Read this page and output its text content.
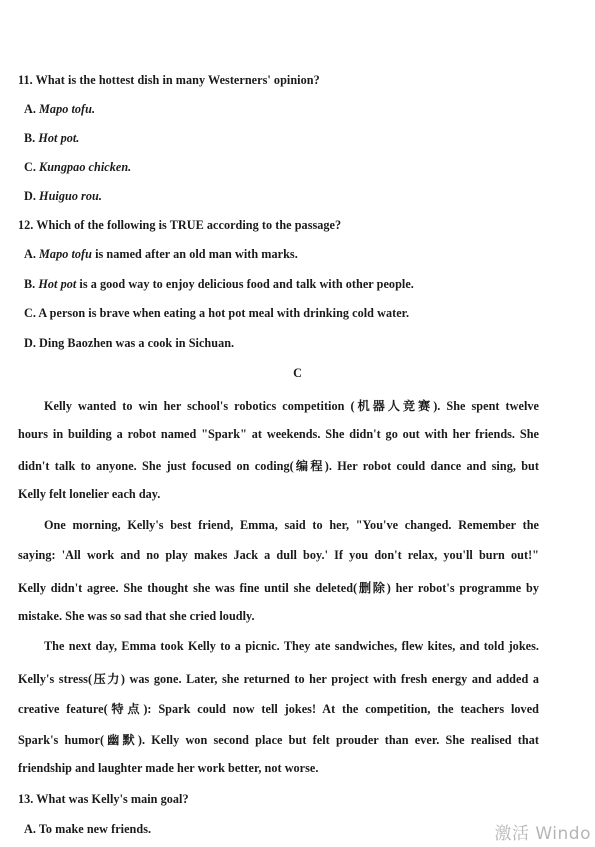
11. What is the hottest dish in many Westerners' opinion?
A. Mapo tofu.
B. Hot pot.
C. Kungpao chicken.
D. Huiguo rou.
12. Which of the following is TRUE according to the passage?
A. Mapo tofu is named after an old man with marks.
B. Hot pot is a good way to enjoy delicious food and talk with other people.
C. A person is brave when eating a hot pot meal with drinking cold water.
D. Ding Baozhen was a cook in Sichuan.
C
Kelly wanted to win her school's robotics competition (机器人竞赛). She spent twelve
hours in building a robot named "Spark" at weekends. She didn't go out with her friends. She
didn't talk to anyone. She just focused on coding(编程). Her robot could dance and sing, but
Kelly felt lonelier each day.
One morning, Kelly's best friend, Emma, said to her, "You've changed. Remember the
saying: 'All work and no play makes Jack a dull boy.' If you don't relax, you'll burn out!"
Kelly didn't agree. She thought she was fine until she deleted(删除) her robot's programme by
mistake. She was so sad that she cried loudly.
The next day, Emma took Kelly to a picnic. They ate sandwiches, flew kites, and told jokes.
Kelly's stress(压力) was gone. Later, she returned to her project with fresh energy and added a
creative feature(特点): Spark could now tell jokes! At the competition, the teachers loved
Spark's humor(幽默). Kelly won second place but felt prouder than ever. She realised that
friendship and laughter made her work better, not worse.
13. What was Kelly's main goal?
A. To make new friends.	激活 Windo
